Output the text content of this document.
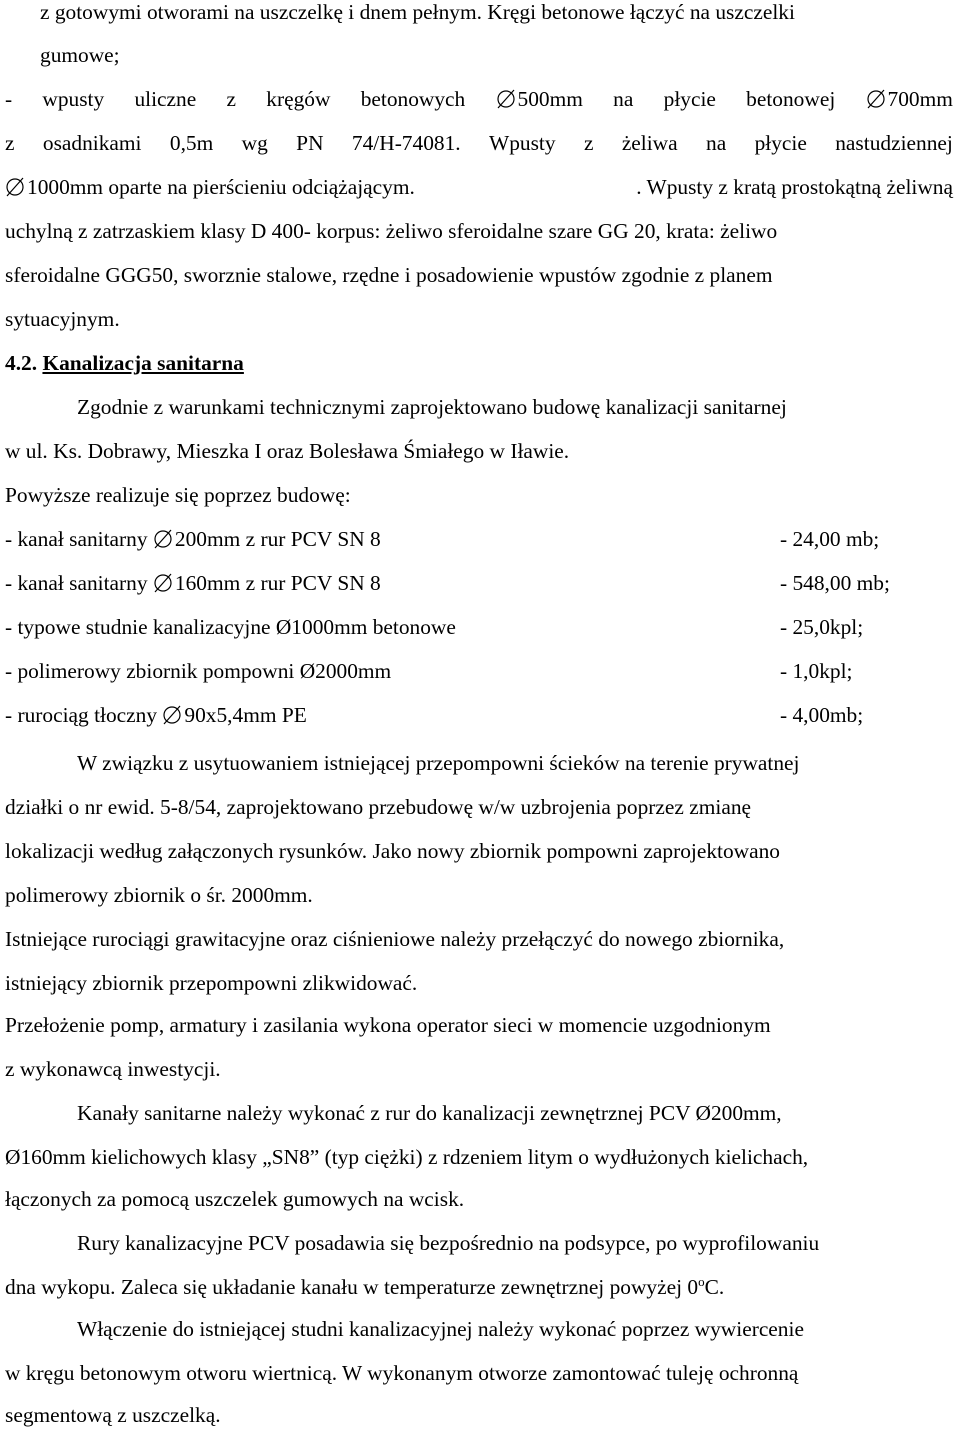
z gotowymi otworami na uszczelkę i dnem pełnym. Kręgi betonowe łączyć na uszczelki
gumowe;
- wpusty uliczne z kręgów betonowych	500mm na płycie betonowej	700mm
z osadnikami 0,5m wg PN 74/H-74081. Wpusty z żeliwa na płycie nastudziennej
1000mm oparte na pierścieniu odciążającym.	. Wpusty z kratą prostokątną żeliwną
uchylną z zatrzaskiem klasy D 400- korpus: żeliwo sferoidalne szare GG 20, krata: żeliwo
sferoidalne GGG50, sworznie stalowe, rzędne i posadowienie wpustów zgodnie z planem
sytuacyjnym.
4.2. Kanalizacja sanitarna
Zgodnie z warunkami technicznymi zaprojektowano budowę kanalizacji sanitarnej
w ul. Ks. Dobrawy, Mieszka I oraz Bolesława Śmiałego w Iławie.
Powyższe realizuje się poprzez budowę:
- kanał sanitarny
200mm z rur PCV SN 8	- 24,00 mb;
- kanał sanitarny
160mm z rur PCV SN 8	- 548,00 mb;
- typowe studnie kanalizacyjne Ø1000mm betonowe	- 25,0kpl;
- polimerowy zbiornik pompowni Ø2000mm	- 1,0kpl;
- rurociąg tłoczny
90x5,4mm PE	- 4,00mb;
W związku z usytuowaniem istniejącej przepompowni ścieków na terenie prywatnej
działki o nr ewid. 5-8/54, zaprojektowano przebudowę w/w uzbrojenia poprzez zmianę
lokalizacji według załączonych rysunków. Jako nowy zbiornik pompowni zaprojektowano
polimerowy zbiornik o śr. 2000mm.
Istniejące rurociągi grawitacyjne oraz ciśnieniowe należy przełączyć do nowego zbiornika,
istniejący zbiornik przepompowni zlikwidować.
Przełożenie pomp, armatury i zasilania wykona operator sieci w momencie uzgodnionym
z wykonawcą inwestycji.
Kanały sanitarne należy wykonać z rur do kanalizacji zewnętrznej PCV Ø200mm,
Ø160mm kielichowych klasy „SN8” (typ ciężki) z rdzeniem litym o wydłużonych kielichach,
łączonych za pomocą uszczelek gumowych na wcisk.
Rury kanalizacyjne PCV posadawia się bezpośrednio na podsypce, po wyprofilowaniu
dna wykopu. Zaleca się układanie kanału w temperaturze zewnętrznej powyżej 0$^o$C.
Włączenie do istniejącej studni kanalizacyjnej należy wykonać poprzez wywiercenie
w kręgu betonowym otworu wiertnicą. W wykonanym otworze zamontować tuleję ochronną
segmentową z uszczelką.
